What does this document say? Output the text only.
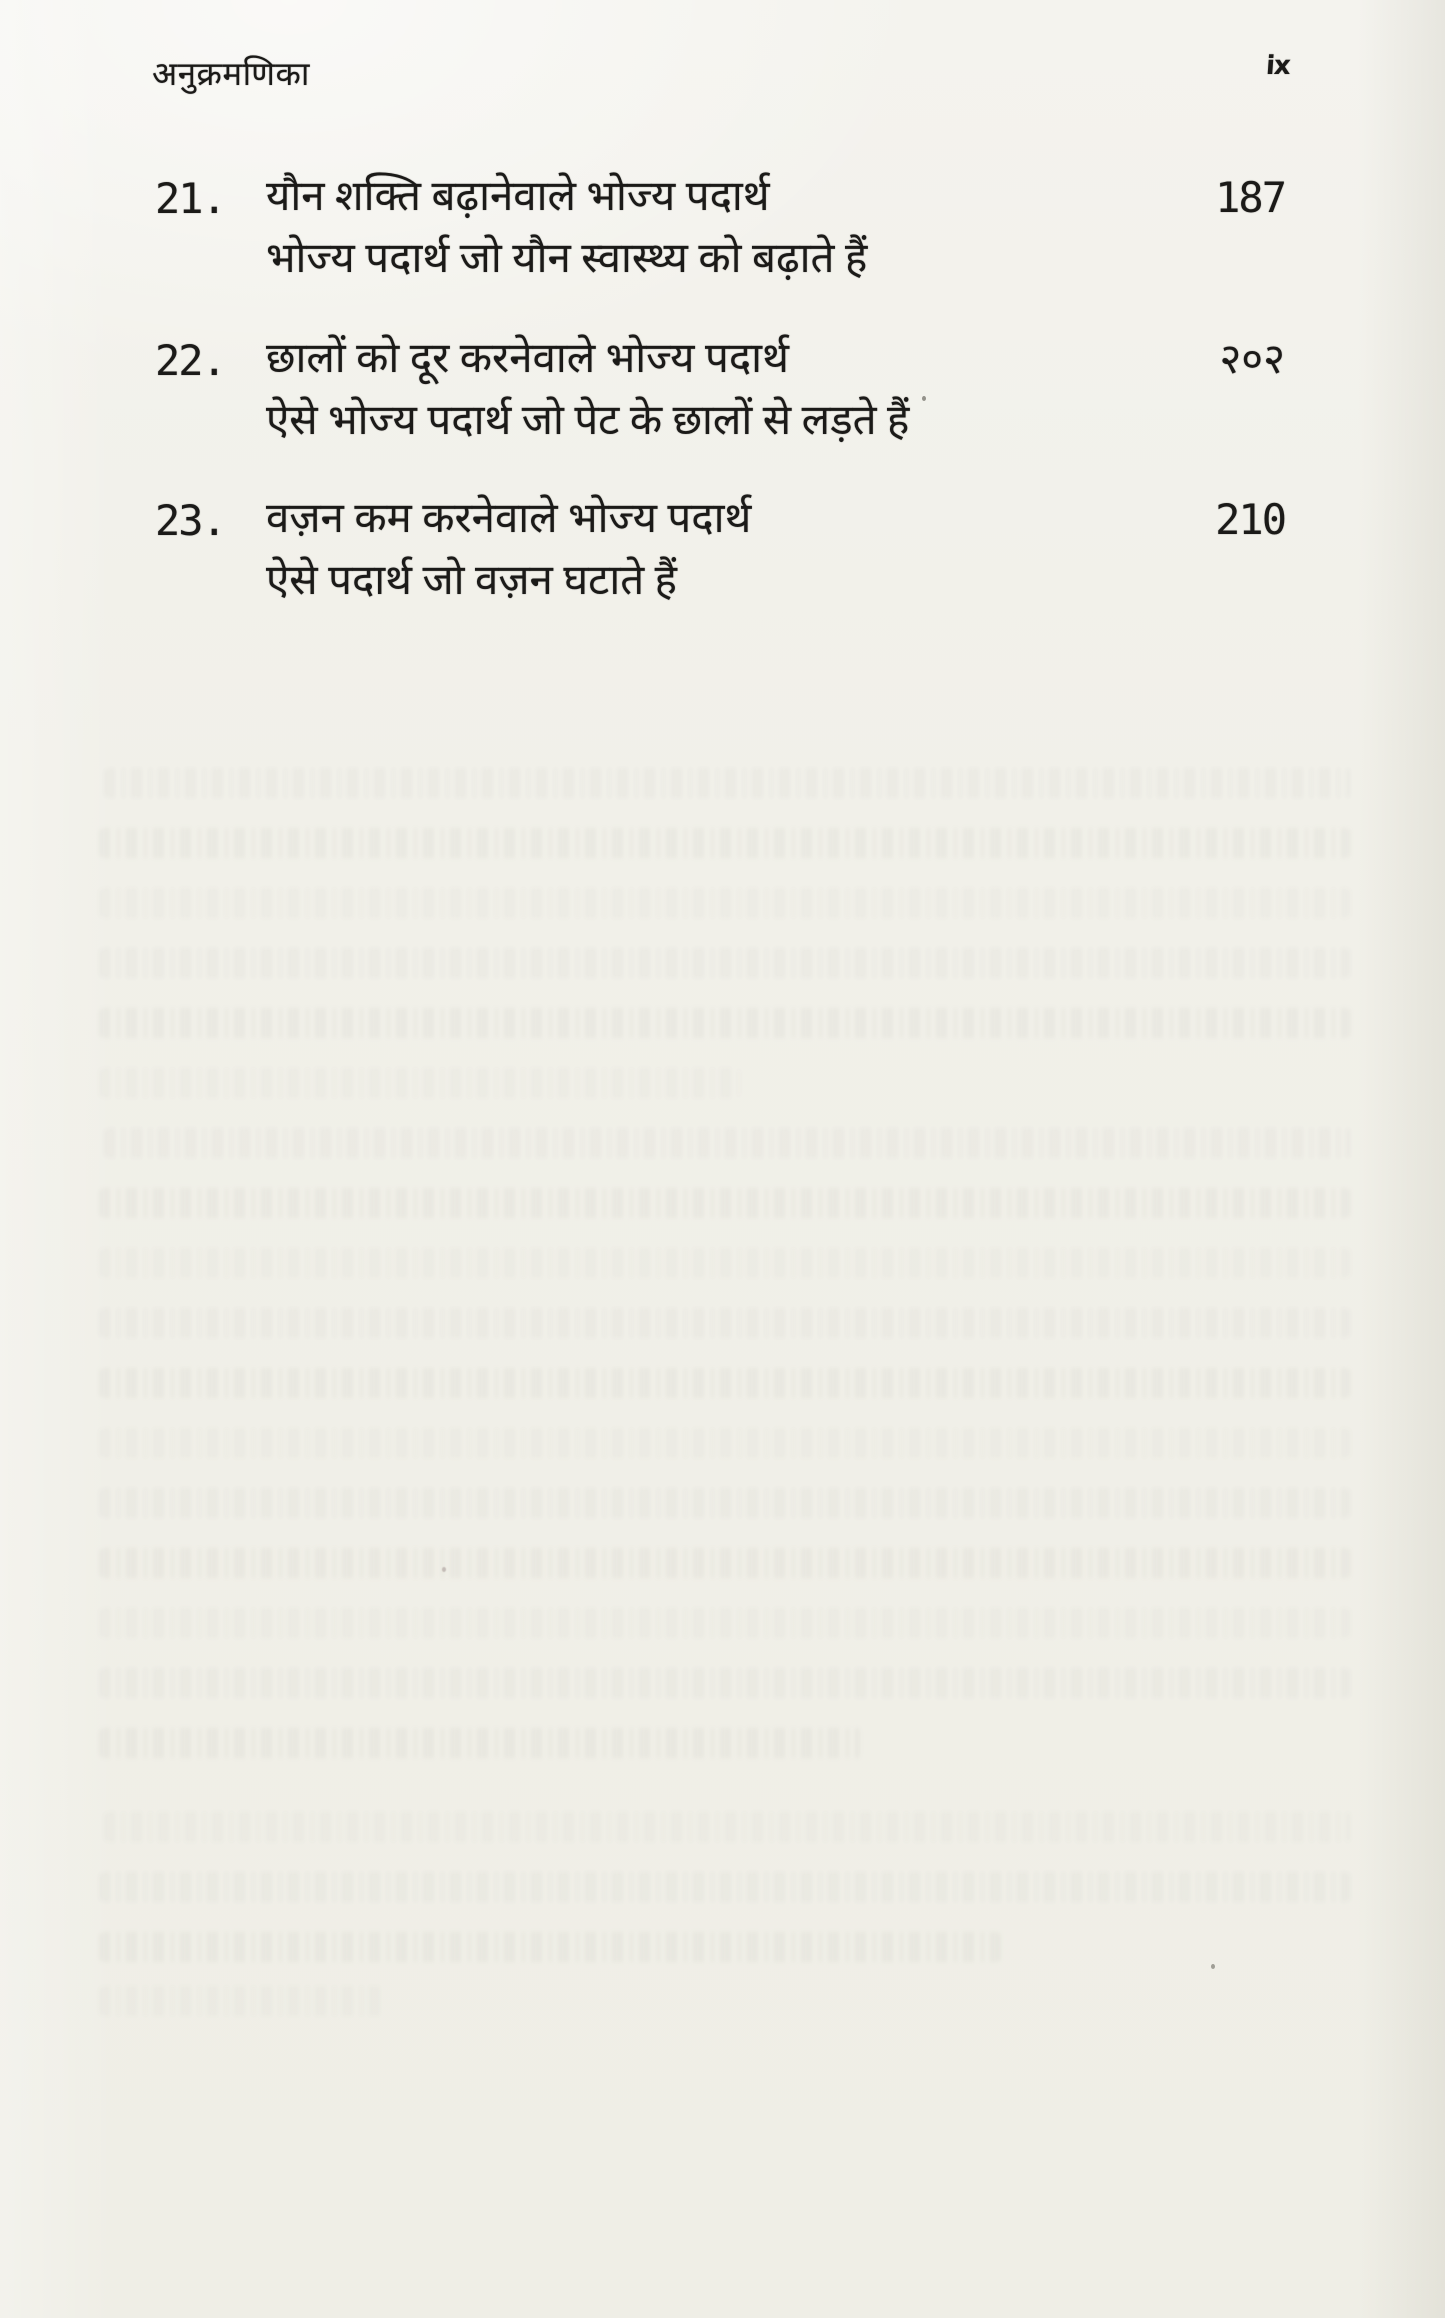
अनुक्रमणिका	ix
21. यौन शक्ति बढ़ानेवाले भोज्य पदार्थ	187
भोज्य पदार्थ जो यौन स्वास्थ्य को बढ़ाते हैं
22. छालों को दूर करनेवाले भोज्य पदार्थ	२०२
ऐसे भोज्य पदार्थ जो पेट के छालों से लड़ते हैं
23. वज़न कम करनेवाले भोज्य पदार्थ	210
ऐसे पदार्थ जो वज़न घटाते हैं
